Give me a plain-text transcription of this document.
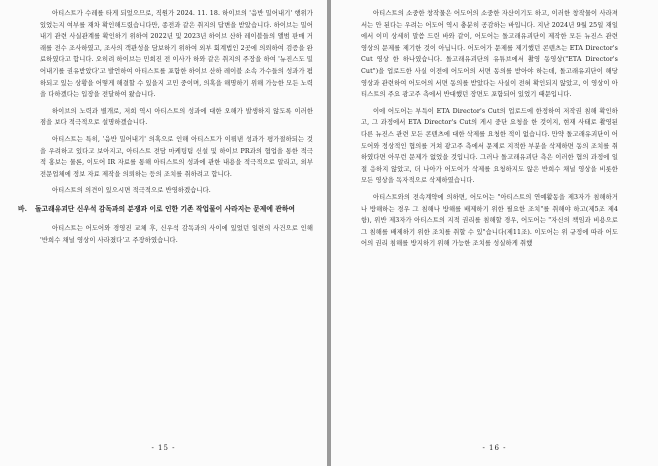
아티스트가 수레를 타게 되었으므로, 직원가 2024. 11. 18. 하이브의 '음반 밀어내기' 행위가 있었는지 여부를 재차 확인해드렸습니다만, 종전과 같은 취지의 답변을 받았습니다. 하이브는 밀어내기 관련 사실관계를 확인하기 위하여 2022년 및 2023년 하이브 산하 레이블들의 앨범 판매 거래를 전수 조사하였고, 조사의 객관성을 담보하기 위하여 외부 회계법인 2곳에 의뢰하여 검증을 완료하였다고 합니다. 오히려 하이브는 민희진 전 이사가 하와 같은 취지의 주장을 하여 '뉴진스도 밀어내기를 권유받았다'고 발언하여 아티스트를 포함한 하이브 산하 레이블 소속 가수들의 성과가 폄하되고 있는 상황을 어떻게 해결할 수 있을지 고민 중이며, 의혹을 해명하기 위해 가능한 모든 노력을 다하겠다는 입장을 전달하여 왔습니다.

하이브의 노력과 별개로, 저희 역시 아티스트의 성과에 대한 오해가 발생하지 않도록 이러한 점을 보다 적극적으로 설명하겠습니다.

아티스트는 특히, '음반 밀어내기' 의혹으로 인해 아티스트가 이뤄낸 성과가 평가절하되는 것을 우려하고 있다고 보아지고, 아티스트 전담 마케팅팀 신설 및 하이브 PR과의 협업을 통한 적극적 홍보는 물론, 이도어 IR 자료를 통해 아티스트의 성과에 관한 내용을 적극적으로 알리고, 외부 전문업체에 정보 자료 제작을 의뢰하는 등의 조치를 취하려고 합니다.

아티스트의 의견이 있으시면 적극적으로 반영하겠습니다.

바. 돌고래유괴단 신우석 감독과의 분쟁과 이로 인한 기존 작업물이 사라지는 문제에 관하여

아티스트는 어도어와 경영진 교체 후, 신우석 감독과의 사이에 있었던 일련의 사건으로 인해 '반희수 채널 영상이 사라졌다'고 주장하였습니다.

- 15 -

아티스트의 소중한 창작물은 어도어의 소중한 자산이기도 하고, 이러한 창작물이 사라져서는 안 된다는 우려는 어도어 역시 충분히 공감하는 바입니다. 지난 2024년 9월 25일 재일에서 이미 상세히 말씀 드린 바와 같이, 어도어는 돌고래유괴단이 제작한 모든 뉴진스 관련 영상의 문제를 제기한 것이 아닙니다. 어도어가 문제를 제기했던 콘텐츠는 ETA Director's Cut 영상 한 하나였습니다. 돌고래유괴단의 유튜브에서 촬영 동영상("ETA Director's Cut")을 업로드한 사실 이전에 어도어의 서면 동의를 받아야 하는데, 돌고래유괴단이 해당 영상과 관련하여 어도어의 서면 동의를 받았다는 사실이 전혀 확인되지 않았고, 이 영상이 아티스트의 주요 광고주 측에서 반대했던 장면도 포함되어 있었기 때문입니다.

이에 어도어는 부득이 ETA Director's Cut의 업로드에 한정하여 저작권 침해 확인하고, 그 과정에서 ETA Director's Cut의 게시 중단 요청을 한 것이지, 현재 사태로 촬영된 다른 뉴진스 관련 모든 콘텐츠에 대한 삭제를 요청한 적이 없습니다. 만약 돌고래유괴단이 어도어와 정상적인 협의를 거쳐 광고주 측에서 문제로 지적한 부분을 삭제하면 동의 조치를 취하였다면 아무런 문제가 없었을 것입니다. 그러나 돌고래유괴단 측은 이러한 협의 과정에 일절 응하지 않았고, 더 나아가 어도어가 삭제를 요청하지도 않은 반희수 채널 영상을 비롯한 모든 영상을 독자적으로 삭제하였습니다.

아티스트와의 전속계약에 의하면, 어도어는 "아티스트의 연예활동을 제3자가 침해하거나 방해하는 경우 그 침해나 방해를 배제하기 위한 필요한 조치"를 취해야 하고(제5조 제4항), 위반 제3자가 아티스트의 지적 권리를 침해할 경우, 어도어는 "자신의 책임과 비용으로 그 침해를 배제하기 위한 조치를 취할 수 있"습니다(제11조). 이도어는 위 규정에 따라 어도어의 권리 침해를 방지하기 위해 가능한 조치를 성실하게 취했

- 16 -
